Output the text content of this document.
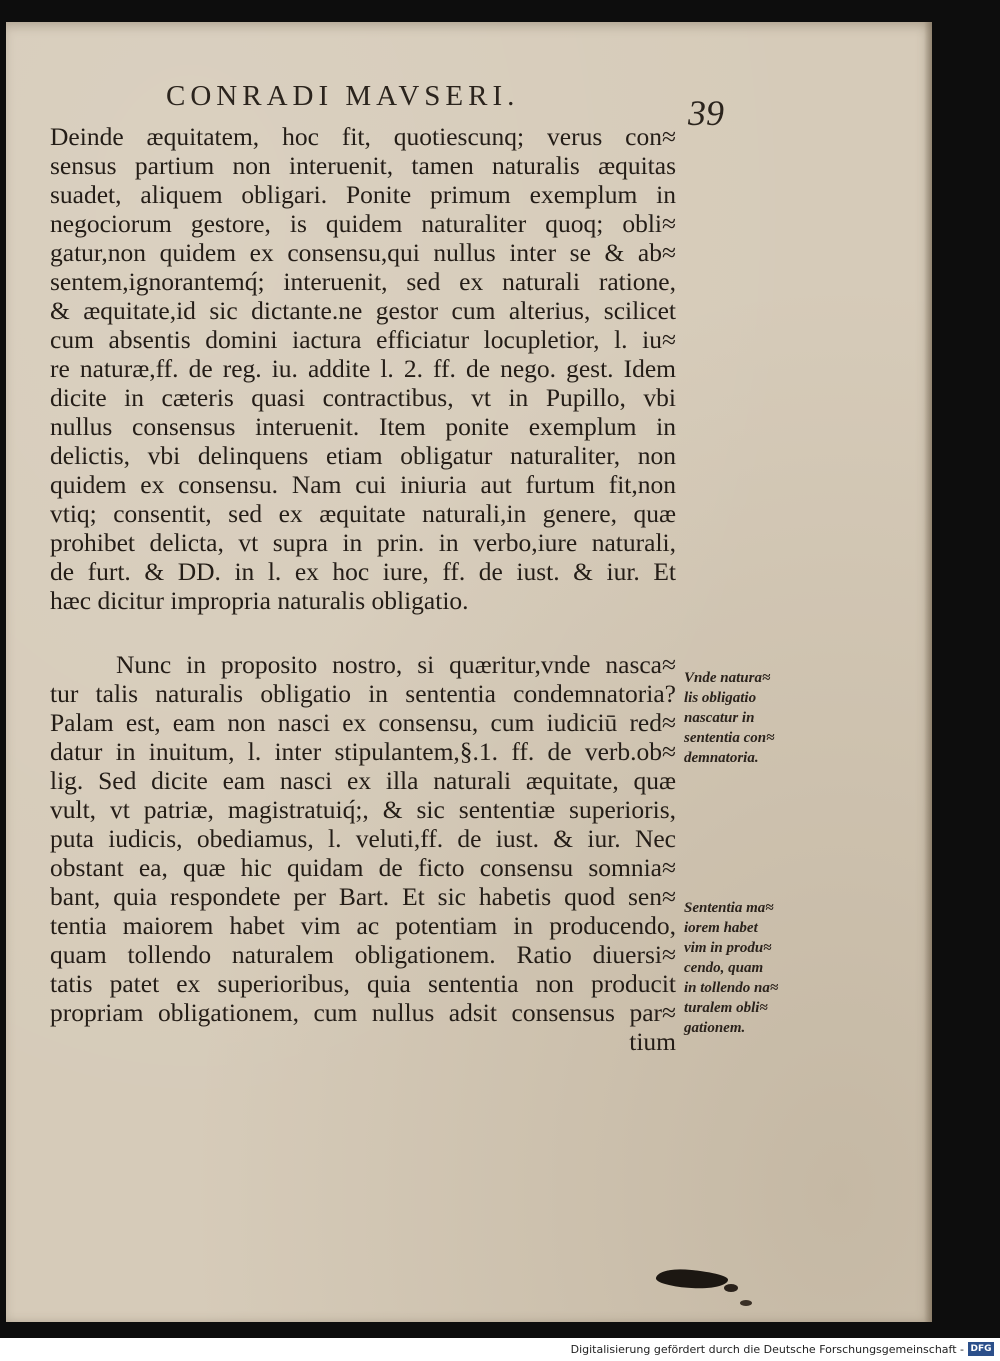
CONRADI MAVSERI.	39
Deinde æquitatem, hoc fit, quotiescunq; verus con≈
sensus partium non interuenit, tamen naturalis æquitas
suadet, aliquem obligari. Ponite primum exemplum in
negociorum gestore, is quidem naturaliter quoq; obli≈
gatur,non quidem ex consensu,qui nullus inter se & ab≈
sentem,ignorantemq́; interuenit, sed ex naturali ratione,
& æquitate,id sic dictante.ne gestor cum alterius, scilicet
cum absentis domini iactura efficiatur locupletior, l. iu≈
re naturæ,ff. de reg. iu. addite l. 2. ff. de nego. gest. Idem
dicite in cæteris quasi contractibus, vt in Pupillo, vbi
nullus consensus interuenit. Item ponite exemplum in
delictis, vbi delinquens etiam obligatur naturaliter, non
quidem ex consensu. Nam cui iniuria aut furtum fit,non
vtiq; consentit, sed ex æquitate naturali,in genere, quæ
prohibet delicta, vt supra in prin. in verbo,iure naturali,
de furt. & DD. in l. ex hoc iure, ff. de iust. & iur. Et
hæc dicitur impropria naturalis obligatio.
Nunc in proposito nostro, si quæritur,vnde nasca≈
tur talis naturalis obligatio in sententia condemnatoria?
Palam est, eam non nasci ex consensu, cum iudiciū red≈
datur in inuitum, l. inter stipulantem,§.1. ff. de verb.ob≈
lig. Sed dicite eam nasci ex illa naturali æquitate, quæ
vult, vt patriæ, magistratuiq́;, & sic sententiæ superioris,
puta iudicis, obediamus, l. veluti,ff. de iust. & iur. Nec
obstant ea, quæ hic quidam de ficto consensu somnia≈
bant, quia respondete per Bart. Et sic habetis quod sen≈
tentia maiorem habet vim ac potentiam in producendo,
quam tollendo naturalem obligationem. Ratio diuersi≈
tatis patet ex superioribus, quia sententia non producit
propriam obligationem, cum nullus adsit consensus par≈
tium
Vnde natura≈
lis obligatio
nascatur in
sententia con≈
demnatoria.
Sententia ma≈
iorem habet
vim in produ≈
cendo, quam
in tollendo na≈
turalem obli≈
gationem.
Digitalisierung gefördert durch die Deutsche Forschungsgemeinschaft - DFG
